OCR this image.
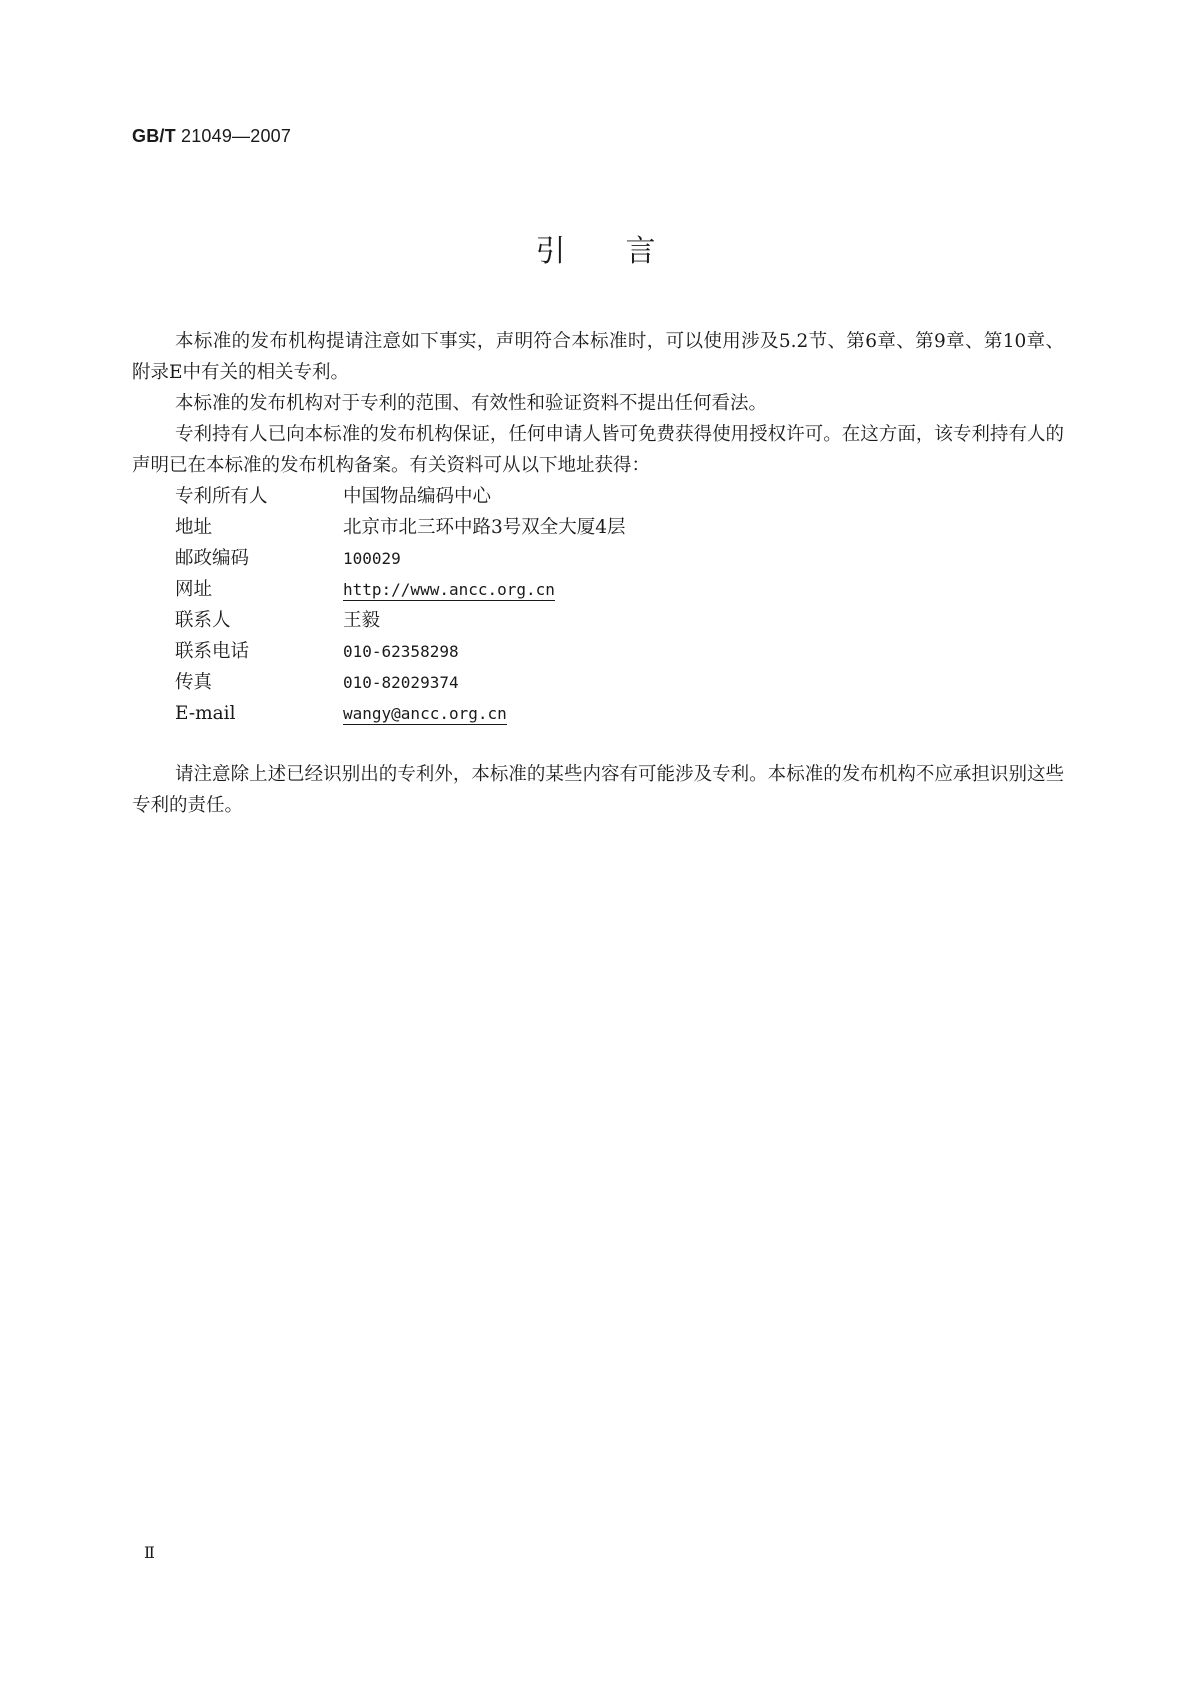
GB/T 21049—2007
引言

本标准的发布机构提请注意如下事实，声明符合本标准时，可以使用涉及5.2节、第6章、第9章、第10章、附录E中有关的相关专利。

本标准的发布机构对于专利的范围、有效性和验证资料不提出任何看法。

专利持有人已向本标准的发布机构保证，任何申请人皆可免费获得使用授权许可。在这方面，该专利持有人的声明已在本标准的发布机构备案。有关资料可从以下地址获得：

专利所有人	中国物品编码中心
地址	北京市北三环中路3号双全大厦4层
邮政编码	100029
网址	http://www.ancc.org.cn
联系人	王毅
联系电话	010-62358298
传真	010-82029374
E-mail	wangy@ancc.org.cn

请注意除上述已经识别出的专利外，本标准的某些内容有可能涉及专利。本标准的发布机构不应承担识别这些专利的责任。

Ⅱ
